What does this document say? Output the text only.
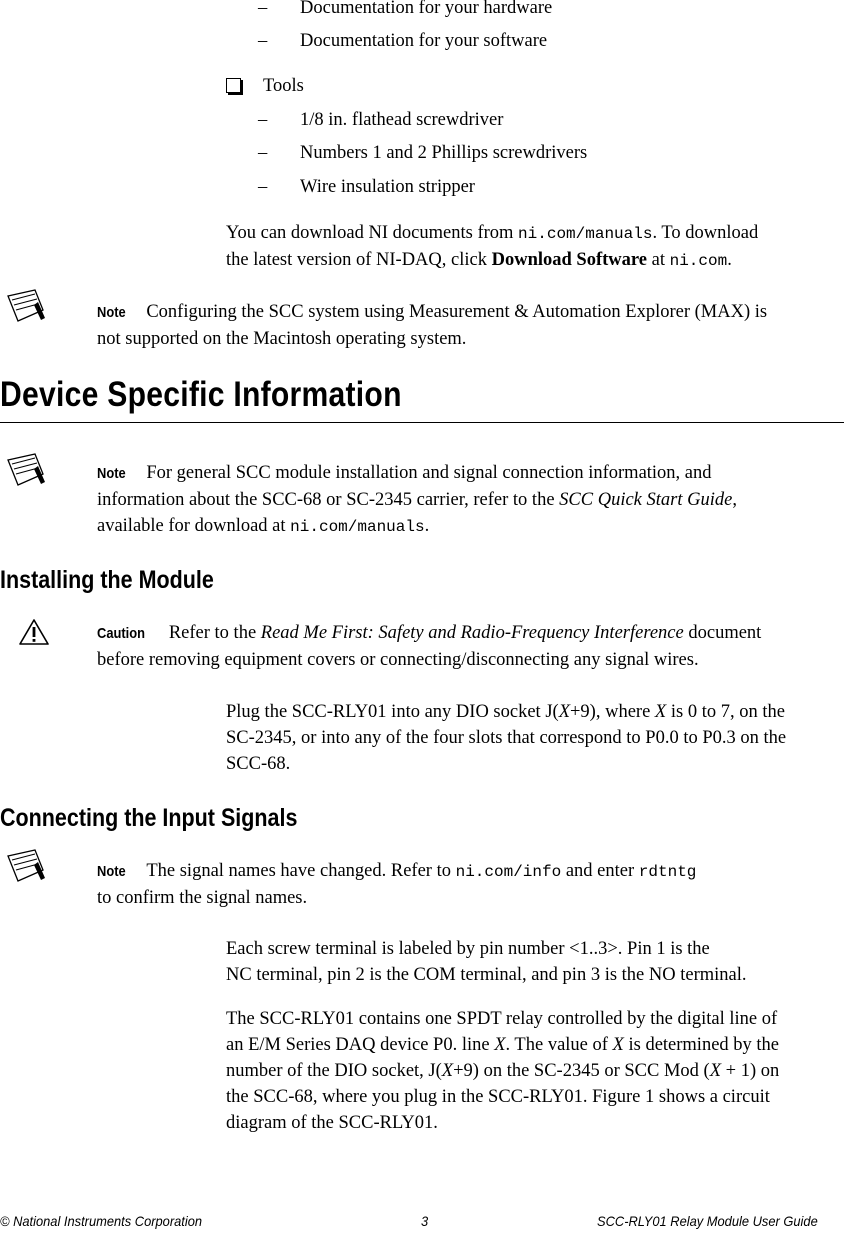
– Documentation for your hardware
– Documentation for your software
Tools
– 1/8 in. flathead screwdriver
– Numbers 1 and 2 Phillips screwdrivers
– Wire insulation stripper
You can download NI documents from ni.com/manuals. To download
the latest version of NI-DAQ, click Download Software at ni.com.
Note Configuring the SCC system using Measurement & Automation Explorer (MAX) is
not supported on the Macintosh operating system.
Device Specific Information
Note For general SCC module installation and signal connection information, and
information about the SCC-68 or SC-2345 carrier, refer to the SCC Quick Start Guide,
available for download at ni.com/manuals.
Installing the Module
Caution Refer to the Read Me First: Safety and Radio-Frequency Interference document
before removing equipment covers or connecting/disconnecting any signal wires.
Plug the SCC-RLY01 into any DIO socket J(X+9), where X is 0 to 7, on the
SC-2345, or into any of the four slots that correspond to P0.0 to P0.3 on the
SCC-68.
Connecting the Input Signals
Note The signal names have changed. Refer to ni.com/info and enter rdtntg
to confirm the signal names.
Each screw terminal is labeled by pin number <1..3>. Pin 1 is the
NC terminal, pin 2 is the COM terminal, and pin 3 is the NO terminal.
The SCC-RLY01 contains one SPDT relay controlled by the digital line of
an E/M Series DAQ device P0. line X. The value of X is determined by the
number of the DIO socket, J(X+9) on the SC-2345 or SCC Mod (X + 1) on
the SCC-68, where you plug in the SCC-RLY01. Figure 1 shows a circuit
diagram of the SCC-RLY01.
© National Instruments Corporation	3	SCC-RLY01 Relay Module User Guide
